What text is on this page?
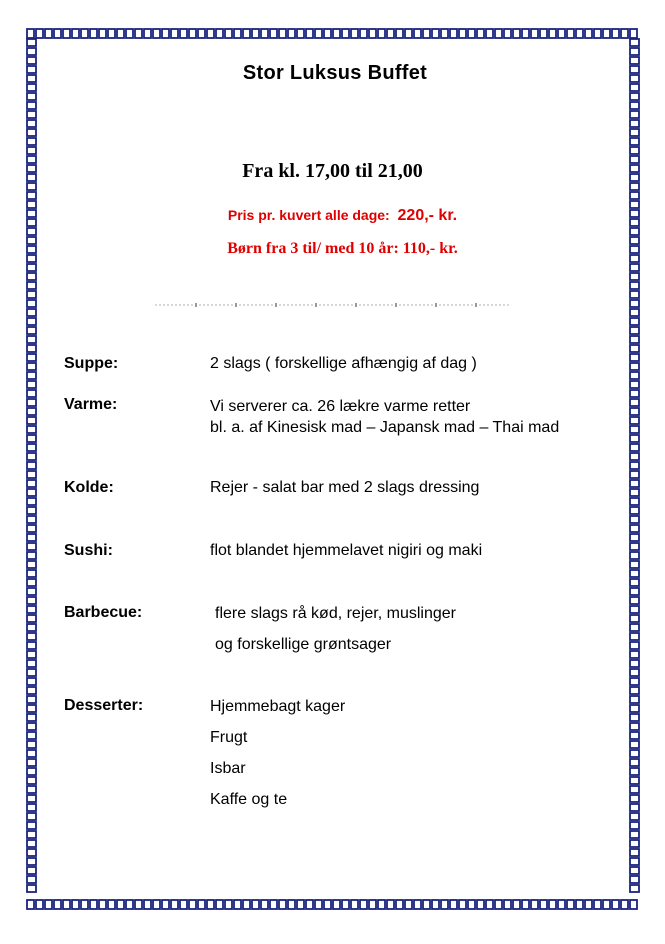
Stor Luksus Buffet
Fra kl. 17,00 til 21,00
Pris pr. kuvert alle dage: 220,- kr.
Børn fra 3 til/ med 10 år: 110,- kr.
Suppe:	2 slags ( forskellige afhængig af dag )
Varme:	Vi serverer ca. 26 lækre varme retter
bl. a. af Kinesisk mad – Japansk mad – Thai mad
Kolde:	Rejer - salat bar med 2 slags dressing
Sushi:	flot blandet hjemmelavet nigiri og maki
Barbecue:	flere slags rå kød, rejer, muslinger
og forskellige grøntsager
Desserter:	Hjemmebagt kager
Frugt
Isbar
Kaffe og te
